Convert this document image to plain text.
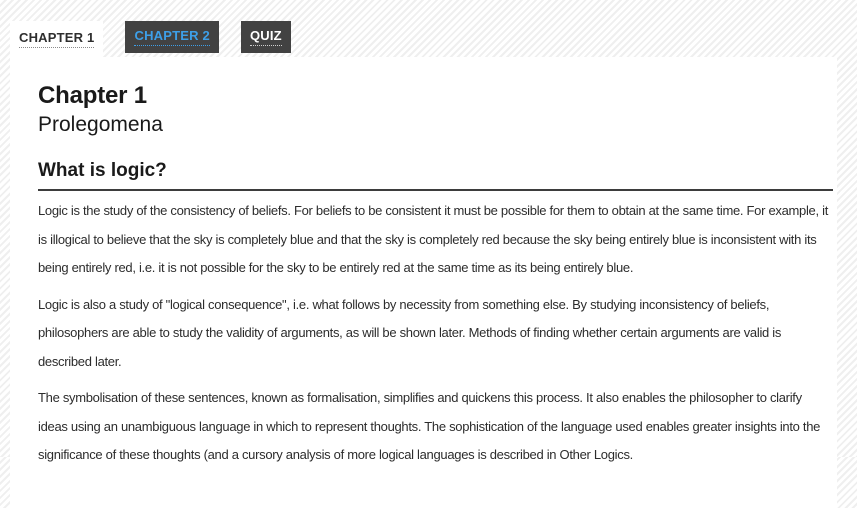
CHAPTER 1	CHAPTER 2	QUIZ
Chapter 1
Prolegomena
What is logic?

Logic is the study of the consistency of beliefs. For beliefs to be consistent it must be possible for them to obtain at the same time. For example, it is illogical to believe that the sky is completely blue and that the sky is completely red because the sky being entirely blue is inconsistent with its being entirely red, i.e. it is not possible for the sky to be entirely red at the same time as its being entirely blue.

Logic is also a study of "logical consequence", i.e. what follows by necessity from something else. By studying inconsistency of beliefs, philosophers are able to study the validity of arguments, as will be shown later. Methods of finding whether certain arguments are valid is described later.

The symbolisation of these sentences, known as formalisation, simplifies and quickens this process. It also enables the philosopher to clarify ideas using an unambiguous language in which to represent thoughts. The sophistication of the language used enables greater insights into the significance of these thoughts (and a cursory analysis of more logical languages is described in Other Logics.
